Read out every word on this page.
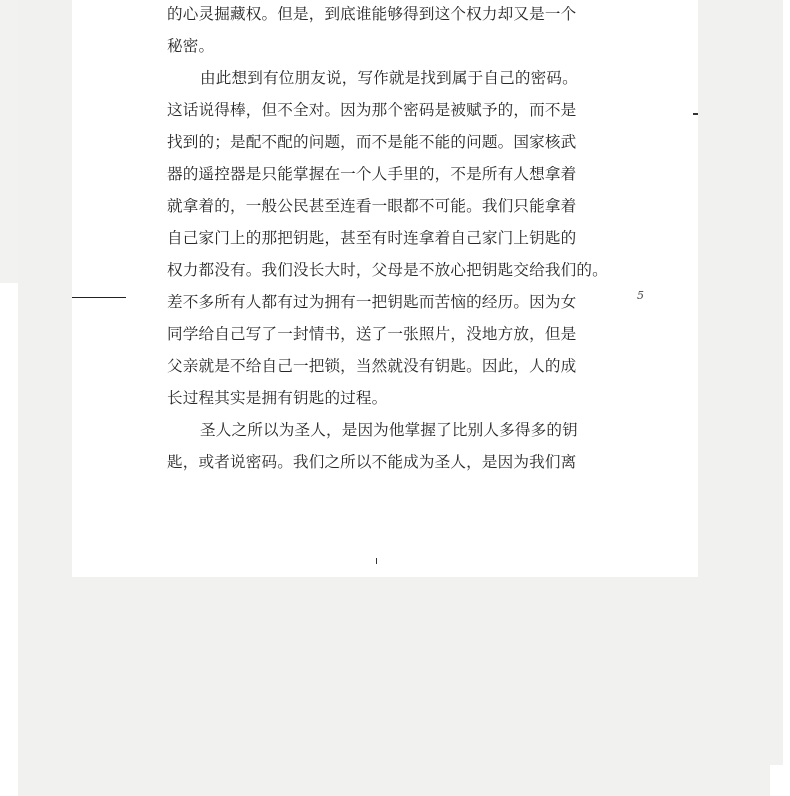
的心灵掘藏权。但是，到底谁能够得到这个权力却又是一个
秘密。
由此想到有位朋友说，写作就是找到属于自己的密码。
这话说得棒，但不全对。因为那个密码是被赋予的，而不是
找到的；是配不配的问题，而不是能不能的问题。国家核武
器的遥控器是只能掌握在一个人手里的，不是所有人想拿着
就拿着的，一般公民甚至连看一眼都不可能。我们只能拿着
自己家门上的那把钥匙，甚至有时连拿着自己家门上钥匙的
权力都没有。我们没长大时，父母是不放心把钥匙交给我们的。
差不多所有人都有过为拥有一把钥匙而苦恼的经历。因为女
同学给自己写了一封情书，送了一张照片，没地方放，但是
父亲就是不给自己一把锁，当然就没有钥匙。因此，人的成
长过程其实是拥有钥匙的过程。
圣人之所以为圣人，是因为他掌握了比别人多得多的钥
匙，或者说密码。我们之所以不能成为圣人，是因为我们离
5
